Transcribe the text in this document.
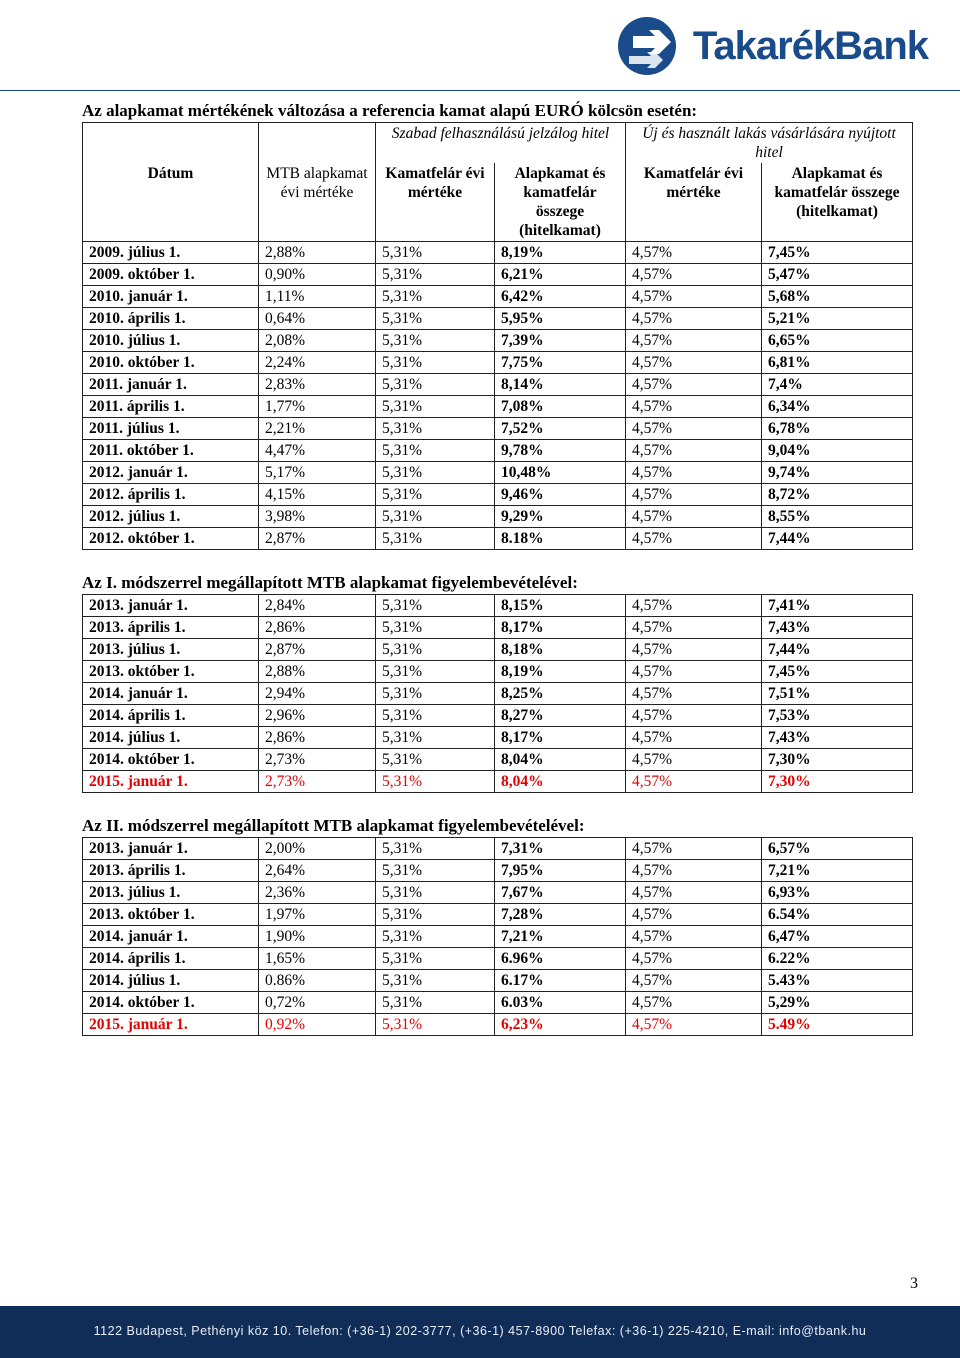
TakarékBank

Az alapkamat mértékének változása a referencia kamat alapú EURÓ kölcsön esetén:

		Szabad felhasználású jelzálog hitel		Új és használt lakás vásárlására nyújtott hitel	
Dátum	MTB alapkamat évi mértéke	Kamatfelár évi mértéke	Alapkamat és kamatfelár összege (hitelkamat)	Kamatfelár évi mértéke	Alapkamat és kamatfelár összege (hitelkamat)
2009. július 1.	2,88%	5,31%	8,19%	4,57%	7,45%
2009. október 1.	0,90%	5,31%	6,21%	4,57%	5,47%
2010. január 1.	1,11%	5,31%	6,42%	4,57%	5,68%
2010. április 1.	0,64%	5,31%	5,95%	4,57%	5,21%
2010. július 1.	2,08%	5,31%	7,39%	4,57%	6,65%
2010. október 1.	2,24%	5,31%	7,75%	4,57%	6,81%
2011. január 1.	2,83%	5,31%	8,14%	4,57%	7,4%
2011. április 1.	1,77%	5,31%	7,08%	4,57%	6,34%
2011. július 1.	2,21%	5,31%	7,52%	4,57%	6,78%
2011. október 1.	4,47%	5,31%	9,78%	4,57%	9,04%
2012. január 1.	5,17%	5,31%	10,48%	4,57%	9,74%
2012. április 1.	4,15%	5,31%	9,46%	4,57%	8,72%
2012. július 1.	3,98%	5,31%	9,29%	4,57%	8,55%
2012. október 1.	2,87%	5,31%	8.18%	4,57%	7,44%

Az I. módszerrel megállapított MTB alapkamat figyelembevételével:

2013. január 1.	2,84%	5,31%	8,15%	4,57%	7,41%
2013. április 1.	2,86%	5,31%	8,17%	4,57%	7,43%
2013. július 1.	2,87%	5,31%	8,18%	4,57%	7,44%
2013. október 1.	2,88%	5,31%	8,19%	4,57%	7,45%
2014. január 1.	2,94%	5,31%	8,25%	4,57%	7,51%
2014. április 1.	2,96%	5,31%	8,27%	4,57%	7,53%
2014. július 1.	2,86%	5,31%	8,17%	4,57%	7,43%
2014. október 1.	2,73%	5,31%	8,04%	4,57%	7,30%
2015. január 1.	2,73%	5,31%	8,04%	4,57%	7,30%

Az II. módszerrel megállapított MTB alapkamat figyelembevételével:

2013. január 1.	2,00%	5,31%	7,31%	4,57%	6,57%
2013. április 1.	2,64%	5,31%	7,95%	4,57%	7,21%
2013. július 1.	2,36%	5,31%	7,67%	4,57%	6,93%
2013. október 1.	1,97%	5,31%	7,28%	4,57%	6.54%
2014. január 1.	1,90%	5,31%	7,21%	4,57%	6,47%
2014. április 1.	1,65%	5,31%	6.96%	4,57%	6.22%
2014. július 1.	0.86%	5,31%	6.17%	4,57%	5.43%
2014. október 1.	0,72%	5,31%	6.03%	4,57%	5,29%
2015. január 1.	0,92%	5,31%	6,23%	4,57%	5.49%
3
1122 Budapest, Pethényi köz 10. Telefon: (+36-1) 202-3777, (+36-1) 457-8900 Telefax: (+36-1) 225-4210, E-mail: info@tbank.hu
